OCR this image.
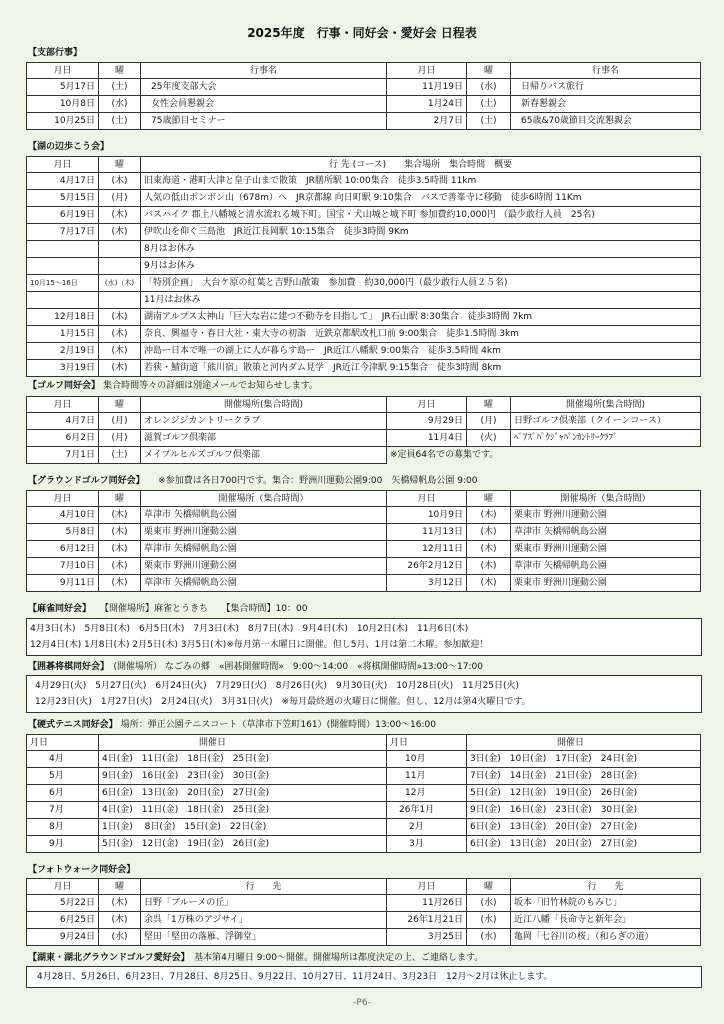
2025年度　行事・同好会・愛好会 日程表
【支部行事】
月日	曜	行事名	月日	曜	行事名
5月17日	(土)	25年度支部大会	11月19日	(水)	日帰りバス旅行
10月8日	(水)	女性会員懇親会	1月24日	(土)	新春懇親会
10月25日	(土)	75歳節目セミナー	2月7日	(土)	65歳&70歳節目交流懇親会
【湖の辺歩こう会】
月日	曜	行 先 (コース)　　集合場所　集合時間　概要
4月17日	(木)	旧東海道・港町大津と皇子山まで散策　JR膳所駅 10:00集合　徒歩3.5時間 11km
5月15日	(月)	人気の低山ボンボン山（678m）へ　JR京都線 向日町駅 9:10集合　バスで善峯寺に移動　徒歩6時間 11Km
6月19日	(木)	バスハイク 郡上八幡城と清水流れる城下町。国宝・犬山城と城下町 参加費約10,000円 （最少敢行人員　25名)
7月17日	(木)	伊吹山を仰ぐ三島池　JR近江長岡駅 10:15集合　徒歩3時間 9Km
		8月はお休み
		9月はお休み
10月15～16日	(水)（木)	「特別企画」　大台ケ原の紅葉と吉野山散策　参加費　約30,000円（最少敢行人員２５名)
		11月はお休み
12月18日	(木)	湖南アルプス太神山「巨大な岩に建つ不動寺を目指して」　JR石山駅 8:30集合　徒歩3時間 7km
1月15日	(木)	奈良、興福寺・春日大社・東大寺の初詣　近鉄京都駅改札口前 9:00集合　徒歩1.5時間 3km
2月19日	(木)	沖島ー日本で唯一の湖上に人が暮らす島ー　JR近江八幡駅 9:00集合　徒歩3.5時間 4km
3月19日	(木)	若狭・鯖街道「熊川宿」散策と河内ダム見学　JR近江今津駅 9:15集合　徒歩3時間 8km
【ゴルフ同好会】 集合時間等々の詳細は別途メールでお知らせします。
月日	曜	開催場所(集合時間)	月日	曜	開催場所(集合時間)
4月7日	(月)	オレンジジカントリークラブ	9月29日	(月)	日野ゴルフ倶楽部（クイーンコース）
6月2日	(月)	滋賀ゴルフ倶楽部	11月4日	(火)	ﾍﾞｱｽﾞﾊﾟｳｼﾞｬﾊﾟﾝｶﾝﾄﾘｰｸﾗﾌﾞ
7月1日	(土)	メイプルヒルズゴルフ倶楽部	※定員64名での募集です。		
【グラウンドゴルフ同好会】　　 ※参加費は各日700円です。集合：野洲川運動公園9:00　矢橋帰帆島公園 9:00
月日	曜	開催場所（集合時間）	月日	曜	開催場所（集合時間）
4月10日	(木)	草津市 矢橋帰帆島公園	10月9日	(木)	栗東市 野洲川運動公園
5月8日	(木)	栗東市 野洲川運動公園	11月13日	(木)	草津市 矢橋帰帆島公園
6月12日	(木)	草津市 矢橋帰帆島公園	12月11日	(木)	栗東市 野洲川運動公園
7月10日	(木)	栗東市 野洲川運動公園	26年2月12日	(木)	草津市 矢橋帰帆島公園
9月11日	(木)	草津市 矢橋帰帆島公園	3月12日	(木)	栗東市 野洲川運動公園
【麻雀同好会】　　 【開催場所】麻雀とうきち　　【集合時間】10：00
4月3日(木)　5月8日(木)　6月5日(木)　7月3日(木)　8月7日(木)　9月4日(木)　10月2日(木)　11月6日(木)
12月4日(木) 1月8日(木) 2月5日(木) 3月5日(木)※毎月第一木曜日に開催。但し5月、1月は第二木曜。参加歓迎！
【囲碁将棋同好会】　 (開催場所） なごみの郷　«囲碁開催時間»　9:00～14:00　«将棋開催時間»13:00～17:00
4月29日(火)　5月27日(火)　6月24日(火)　7月29日(火)　8月26日(火)　9月30日(火)　10月28日(火)　11月25日(火)
12月23日(火)　1月27日(火)　2月24日(火)　3月31日(火)　※毎月最終週の火曜日に開催。但し、12月は第4火曜日です。
【硬式テニス同好会】 場所：弾正公園テニスコート（草津市下笠町161）(開催時間）13:00～16:00
月日	開催日	月日	開催日
4月	4日(金)　11日(金)　18日(金)　25日(金)	10月	3日(金)　10日(金)　17日(金)　24日(金)
5月	9日(金)　16日(金)　23日(金)　30日(金)	11月	7日(金)　14日(金)　21日(金)　28日(金)
6月	6日(金)　13日(金)　20日(金)　27日(金)	12月	5日(金)　12日(金)　19日(金)　26日(金)
7月	4日(金)　11日(金)　18日(金)　25日(金)	26年1月	9日(金)　16日(金)　23日(金)　30日(金)
8月	1日(金)　 8日(金)　15日(金)　22日(金)	2月	6日(金)　13日(金)　20日(金)　27日(金)
9月	5日(金)　12日(金)　19日(金)　26日(金)	3月	6日(金)　13日(金)　20日(金)　27日(金)
【フォトウォーク同好会】
月日	曜	行　　先	月日	曜	行　　先
5月22日	(木)	日野「ブルーメの丘」	11月26日	(水)	坂本「旧竹林院のもみじ」
6月25日	(木)	余呉「1万株のアジサイ」	26年1月21日	(水)	近江八幡「長命寺と新年会」
9月24日	(水)	堅田「堅田の落雁、浮御堂」	3月25日	(水)	亀岡「七谷川の桜」（和らぎの道）
【湖東・湖北グラウンドゴルフ愛好会】　 基本第4月曜日 9:00～開催。開催場所は都度決定の上、ご連絡します。
4月28日、5月26日、6月23日、7月28日、8月25日、9月22日、10月27日、11月24日、3月23日　12月～2月は休止します。
-P6-
